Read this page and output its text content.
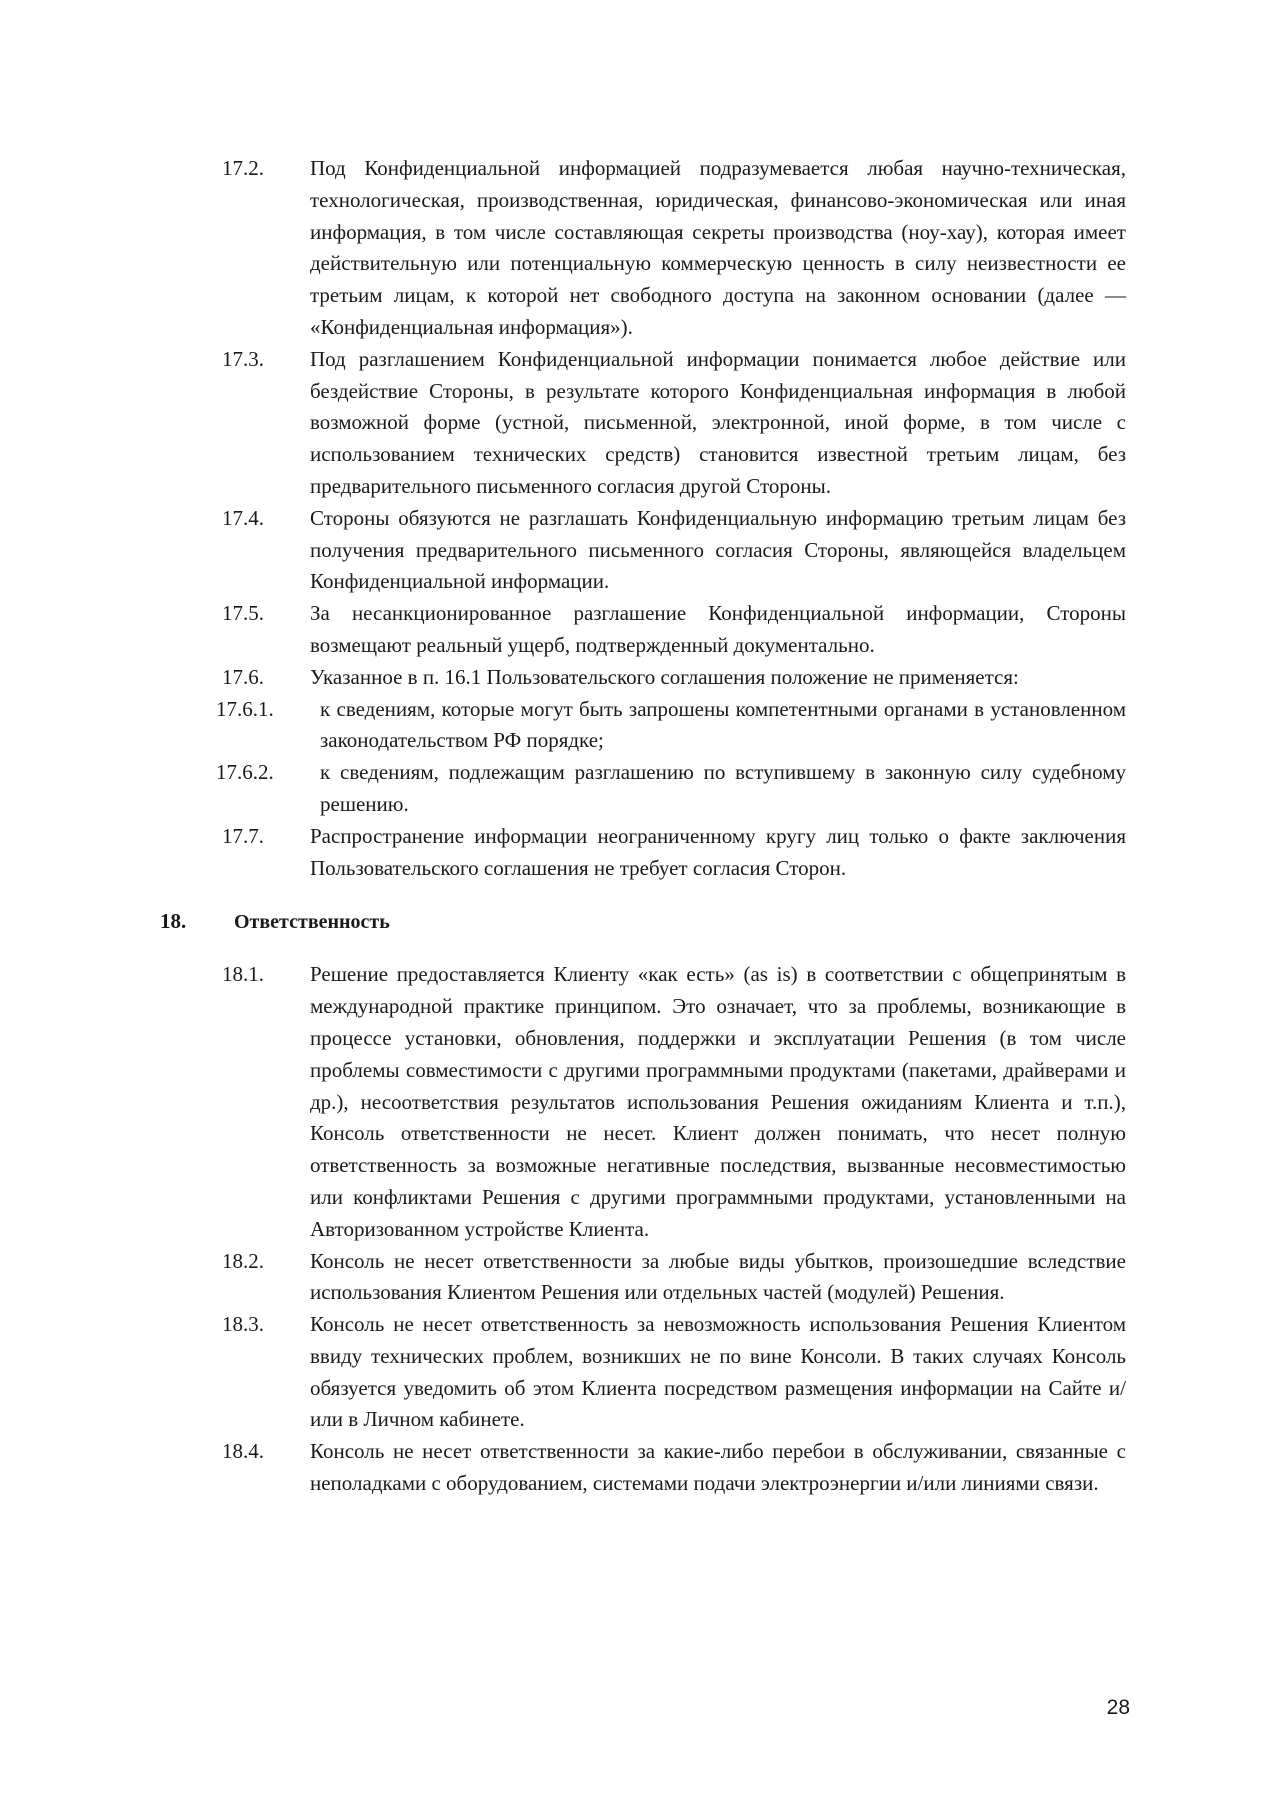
17.2.	Под Конфиденциальной информацией подразумевается любая научно-техническая, технологическая, производственная, юридическая, финансово-экономическая или иная информация, в том числе составляющая секреты производства (ноу-хау), которая имеет действительную или потенциальную коммерческую ценность в силу неизвестности ее третьим лицам, к которой нет свободного доступа на законном основании (далее — «Конфиденциальная информация»).
17.3.	Под разглашением Конфиденциальной информации понимается любое действие или бездействие Стороны, в результате которого Конфиденциальная информация в любой возможной форме (устной, письменной, электронной, иной форме, в том числе с использованием технических средств) становится известной третьим лицам, без предварительного письменного согласия другой Стороны.
17.4.	Стороны обязуются не разглашать Конфиденциальную информацию третьим лицам без получения предварительного письменного согласия Стороны, являющейся владельцем Конфиденциальной информации.
17.5.	За несанкционированное разглашение Конфиденциальной информации, Стороны возмещают реальный ущерб, подтвержденный документально.
17.6.	Указанное в п. 16.1 Пользовательского соглашения положение не применяется:
17.6.1.	к сведениям, которые могут быть запрошены компетентными органами в установленном законодательством РФ порядке;
17.6.2.	к сведениям, подлежащим разглашению по вступившему в законную силу судебному решению.
17.7.	Распространение информации неограниченному кругу лиц только о факте заключения Пользовательского соглашения не требует согласия Сторон.
18.	Ответственность
18.1.	Решение предоставляется Клиенту «как есть» (as is) в соответствии с общепринятым в международной практике принципом. Это означает, что за проблемы, возникающие в процессе установки, обновления, поддержки и эксплуатации Решения (в том числе проблемы совместимости с другими программными продуктами (пакетами, драйверами и др.), несоответствия результатов использования Решения ожиданиям Клиента и т.п.), Консоль ответственности не несет. Клиент должен понимать, что несет полную ответственность за возможные негативные последствия, вызванные несовместимостью или конфликтами Решения с другими программными продуктами, установленными на Авторизованном устройстве Клиента.
18.2.	Консоль не несет ответственности за любые виды убытков, произошедшие вследствие использования Клиентом Решения или отдельных частей (модулей) Решения.
18.3.	Консоль не несет ответственность за невозможность использования Решения Клиентом ввиду технических проблем, возникших не по вине Консоли. В таких случаях Консоль обязуется уведомить об этом Клиента посредством размещения информации на Сайте и/или в Личном кабинете.
18.4.	Консоль не несет ответственности за какие-либо перебои в обслуживании, связанные с неполадками с оборудованием, системами подачи электроэнергии и/или линиями связи.
28
